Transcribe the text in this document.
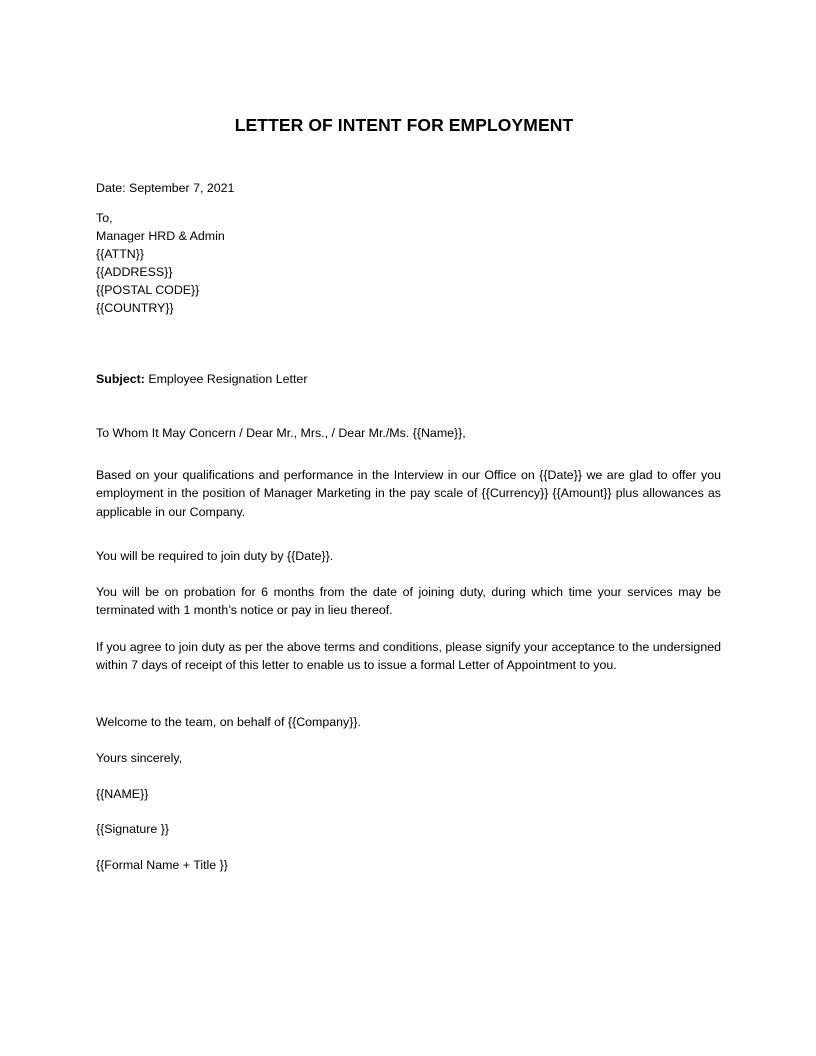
LETTER OF INTENT FOR EMPLOYMENT
Date: September 7, 2021
To,
Manager HRD & Admin
{{ATTN}}
{{ADDRESS}}
{{POSTAL CODE}}
{{COUNTRY}}
Subject: Employee Resignation Letter
To Whom It May Concern / Dear Mr., Mrs., / Dear Mr./Ms. {{Name}},
Based on your qualifications and performance in the Interview in our Office on {{Date}} we are glad to offer you employment in the position of Manager Marketing in the pay scale of {{Currency}} {{Amount}} plus allowances as applicable in our Company.
You will be required to join duty by {{Date}}.
You will be on probation for 6 months from the date of joining duty, during which time your services may be terminated with 1 month’s notice or pay in lieu thereof.
If you agree to join duty as per the above terms and conditions, please signify your acceptance to the undersigned within 7 days of receipt of this letter to enable us to issue a formal Letter of Appointment to you.
Welcome to the team, on behalf of {{Company}}.
Yours sincerely,
{{NAME}}
{{Signature }}
{{Formal Name + Title }}
